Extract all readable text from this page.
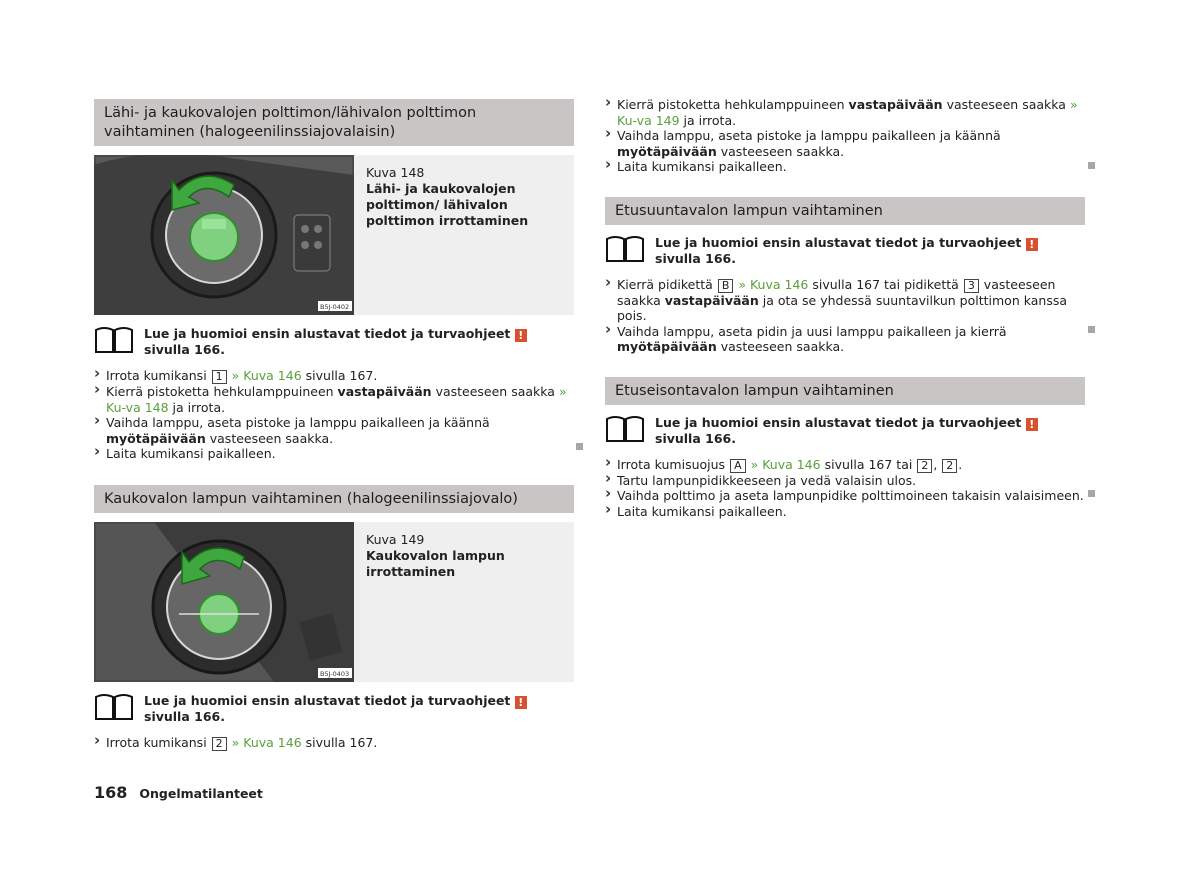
Lähi- ja kaukovalojen polttimon/lähivalon polttimon
vaihtaminen (halogeenilinssiajovalaisin)
B5J-0402
Kuva 148
Lähi- ja kaukovalojen polttimon/ lähivalon polttimon irrottaminen
Lue ja huomioi ensin alustavat tiedot ja turvaohjeet ! sivulla 166.
› Irrota kumikansi 1 » Kuva 146 sivulla 167.
› Kierrä pistoketta hehkulamppuineen vastapäivään vasteeseen saakka » Ku-va 148 ja irrota.
› Vaihda lamppu, aseta pistoke ja lamppu paikalleen ja käännä myötäpäivään vasteeseen saakka.
› Laita kumikansi paikalleen.
Kaukovalon lampun vaihtaminen (halogeenilinssiajovalo)
B5J-0403
Kuva 149
Kaukovalon lampun irrottaminen
Lue ja huomioi ensin alustavat tiedot ja turvaohjeet ! sivulla 166.
› Irrota kumikansi 2 » Kuva 146 sivulla 167.
› Kierrä pistoketta hehkulamppuineen vastapäivään vasteeseen saakka » Ku-va 149 ja irrota.
› Vaihda lamppu, aseta pistoke ja lamppu paikalleen ja käännä myötäpäivään vasteeseen saakka.
› Laita kumikansi paikalleen.
Etusuuntavalon lampun vaihtaminen
Lue ja huomioi ensin alustavat tiedot ja turvaohjeet ! sivulla 166.
› Kierrä pidikettä B » Kuva 146 sivulla 167 tai pidikettä 3 vasteeseen saakka vastapäivään ja ota se yhdessä suuntavilkun polttimon kanssa pois.
› Vaihda lamppu, aseta pidin ja uusi lamppu paikalleen ja kierrä myötäpäivään vasteeseen saakka.
Etuseisontavalon lampun vaihtaminen
Lue ja huomioi ensin alustavat tiedot ja turvaohjeet ! sivulla 166.
› Irrota kumisuojus A » Kuva 146 sivulla 167 tai 2 , 2 .
› Tartu lampunpidikkeeseen ja vedä valaisin ulos.
› Vaihda polttimo ja aseta lampunpidike polttimoineen takaisin valaisimeen.
› Laita kumikansi paikalleen.
168 Ongelmatilanteet
